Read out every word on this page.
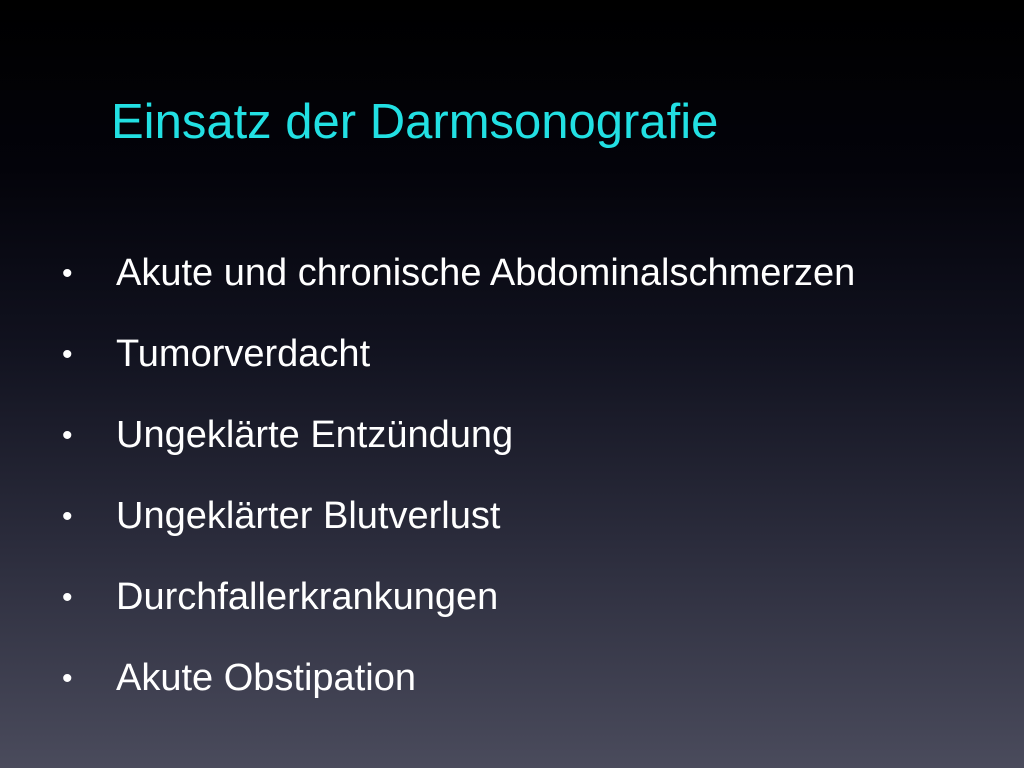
Einsatz der Darmsonografie
•	Akute und chronische Abdominalschmerzen
•	Tumorverdacht
•	Ungeklärte Entzündung
•	Ungeklärter Blutverlust
•	Durchfallerkrankungen
•	Akute Obstipation
